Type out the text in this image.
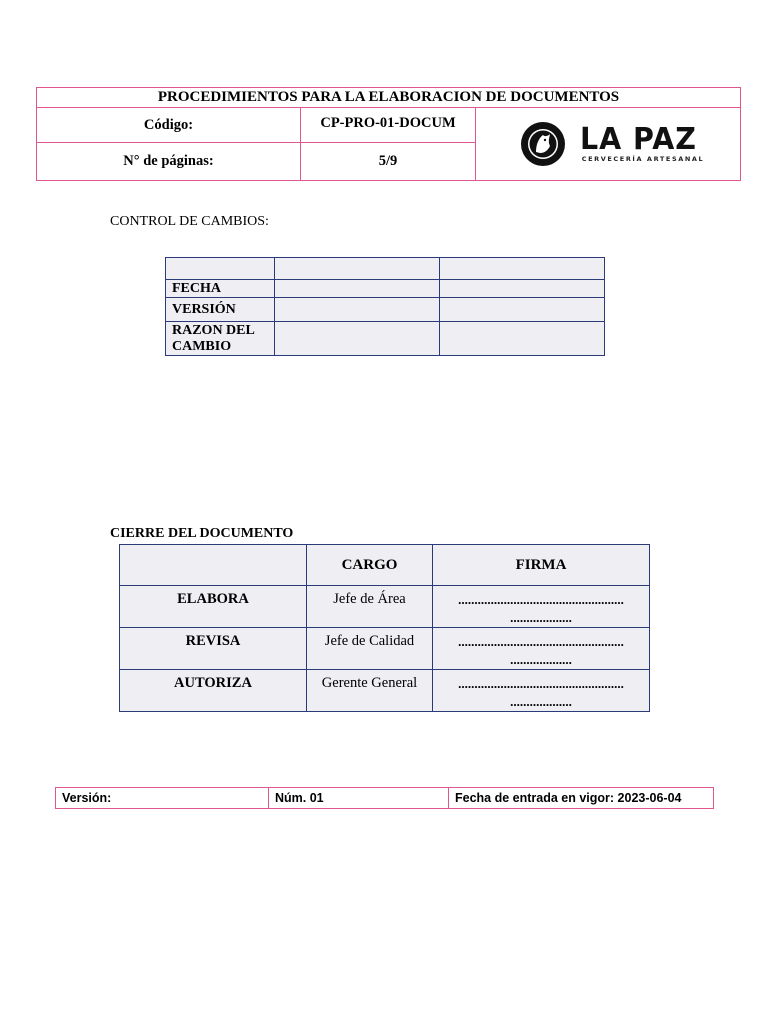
PROCEDIMIENTOS PARA LA ELABORACION DE DOCUMENTOS		
Código:	CP-PRO-01-DOCUM	LA PAZ
CERVECERÍA ARTESANAL

N° de páginas:	5/9	
CONTROL DE CAMBIOS:

FECHA		
VERSIÓN		
RAZON DEL CAMBIO		
CIERRE DEL DOCUMENTO
	CARGO	FIRMA
ELABORA	Jefe de Área	...................................................
...................

REVISA	Jefe de Calidad	...................................................
...................

AUTORIZA	Gerente General	...................................................
...................
Versión:	Núm. 01	Fecha de entrada en vigor: 2023-06-04
